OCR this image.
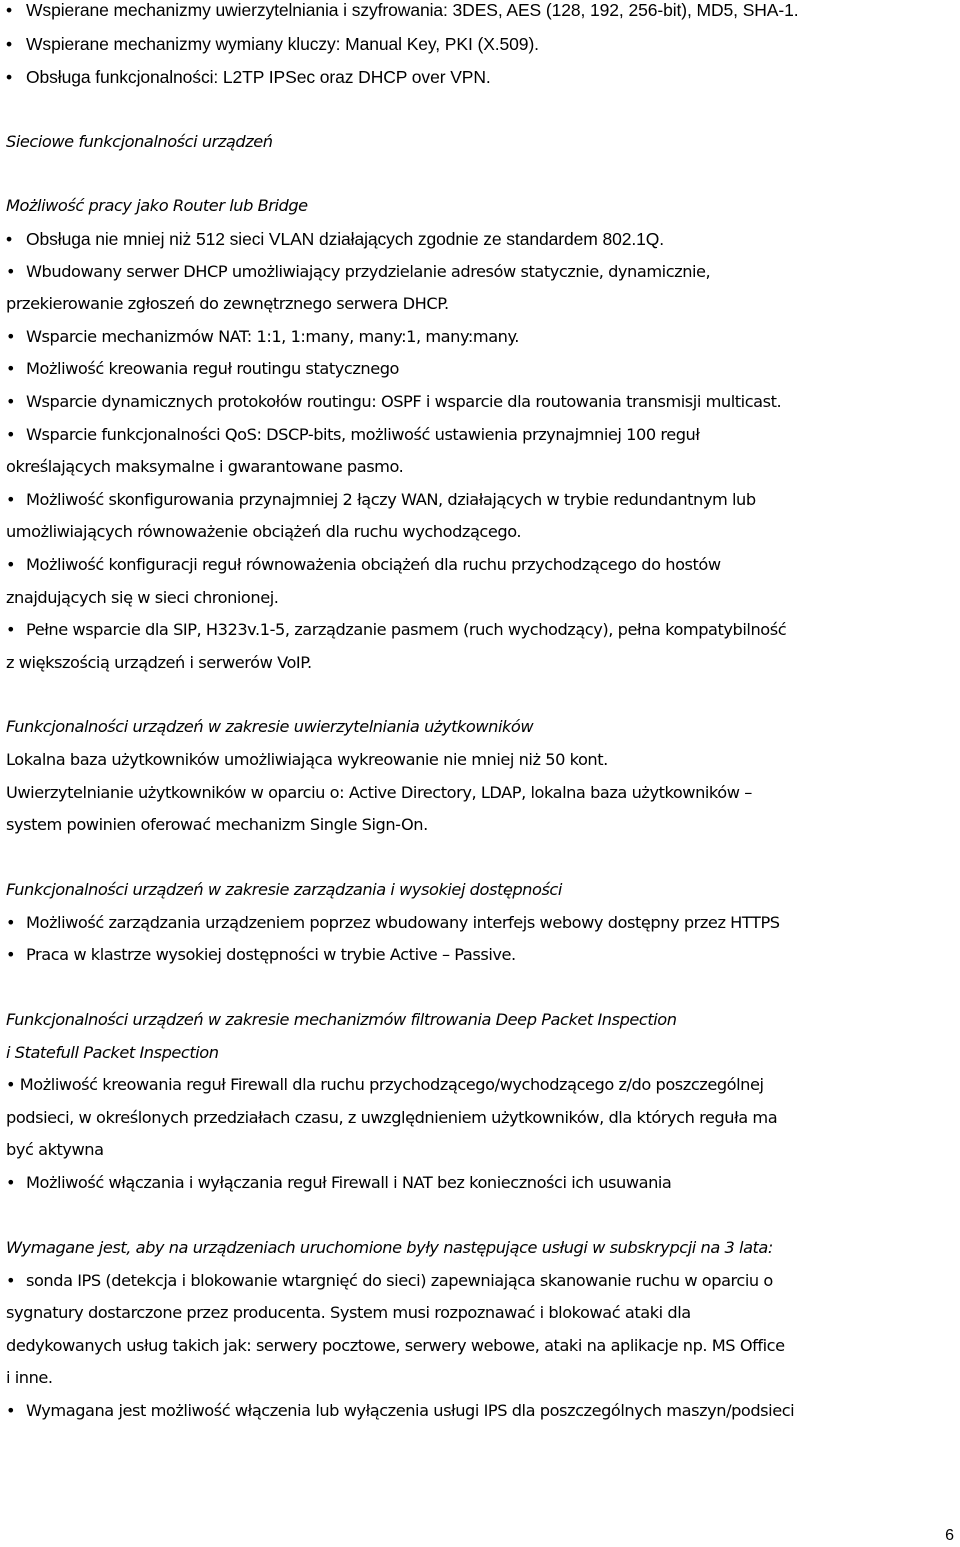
• Wspierane mechanizmy uwierzytelniania i szyfrowania: 3DES, AES (128, 192, 256-bit), MD5, SHA-1.
• Wspierane mechanizmy wymiany kluczy: Manual Key, PKI (X.509).
• Obsługa funkcjonalności: L2TP IPSec oraz DHCP over VPN.
Sieciowe funkcjonalności urządzeń
Możliwość pracy jako Router lub Bridge
• Obsługa nie mniej niż 512 sieci VLAN działających zgodnie ze standardem 802.1Q.
• Wbudowany serwer DHCP umożliwiający przydzielanie adresów statycznie, dynamicznie,
przekierowanie zgłoszeń do zewnętrznego serwera DHCP.
• Wsparcie mechanizmów NAT: 1:1, 1:many, many:1, many:many.
• Możliwość kreowania reguł routingu statycznego
• Wsparcie dynamicznych protokołów routingu: OSPF i wsparcie dla routowania transmisji multicast.
• Wsparcie funkcjonalności QoS: DSCP-bits, możliwość ustawienia przynajmniej 100 reguł
określających maksymalne i gwarantowane pasmo.
• Możliwość skonfigurowania przynajmniej 2 łączy WAN, działających w trybie redundantnym lub
umożliwiających równoważenie obciążeń dla ruchu wychodzącego.
• Możliwość konfiguracji reguł równoważenia obciążeń dla ruchu przychodzącego do hostów
znajdujących się w sieci chronionej.
• Pełne wsparcie dla SIP, H323v.1-5, zarządzanie pasmem (ruch wychodzący), pełna kompatybilność
z większością urządzeń i serwerów VoIP.
Funkcjonalności urządzeń w zakresie uwierzytelniania użytkowników
Lokalna baza użytkowników umożliwiająca wykreowanie nie mniej niż 50 kont.
Uwierzytelnianie użytkowników w oparciu o: Active Directory, LDAP, lokalna baza użytkowników –
system powinien oferować mechanizm Single Sign-On.
Funkcjonalności urządzeń w zakresie zarządzania i wysokiej dostępności
• Możliwość zarządzania urządzeniem poprzez wbudowany interfejs webowy dostępny przez HTTPS
• Praca w klastrze wysokiej dostępności w trybie Active – Passive.
Funkcjonalności urządzeń w zakresie mechanizmów filtrowania Deep Packet Inspection
i Statefull Packet Inspection
• Możliwość kreowania reguł Firewall dla ruchu przychodzącego/wychodzącego z/do poszczególnej
podsieci, w określonych przedziałach czasu, z uwzględnieniem użytkowników, dla których reguła ma
być aktywna
• Możliwość włączania i wyłączania reguł Firewall i NAT bez konieczności ich usuwania
Wymagane jest, aby na urządzeniach uruchomione były następujące usługi w subskrypcji na 3 lata:
• sonda IPS (detekcja i blokowanie wtargnięć do sieci) zapewniająca skanowanie ruchu w oparciu o
sygnatury dostarczone przez producenta. System musi rozpoznawać i blokować ataki dla
dedykowanych usług takich jak: serwery pocztowe, serwery webowe, ataki na aplikacje np. MS Office
i inne.
• Wymagana jest możliwość włączenia lub wyłączenia usługi IPS dla poszczególnych maszyn/podsieci
6
